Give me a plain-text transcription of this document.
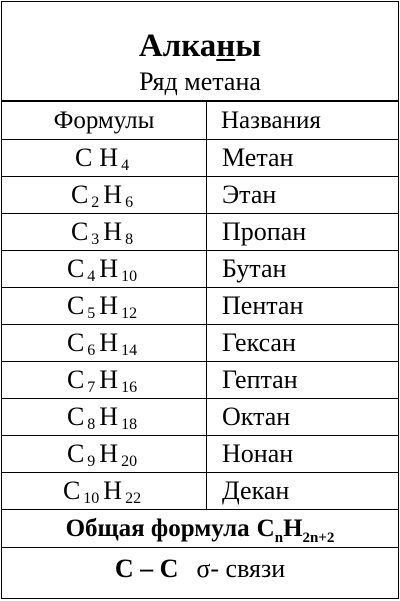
Алканы
Ряд метана
Формулы	Названия
C H 4	Метан
C 2 H 6	Этан
C 3 H 8	Пропан
C 4 H 10	Бутан
C 5 H 12	Пентан
C 6 H 14	Гексан
C 7 H 16	Гептан
C 8 H 18	Октан
C 9 H 20	Нонан
C 10 H 22	Декан
Общая формула $C_nH_{2n+2}$
C – C σ- связи
